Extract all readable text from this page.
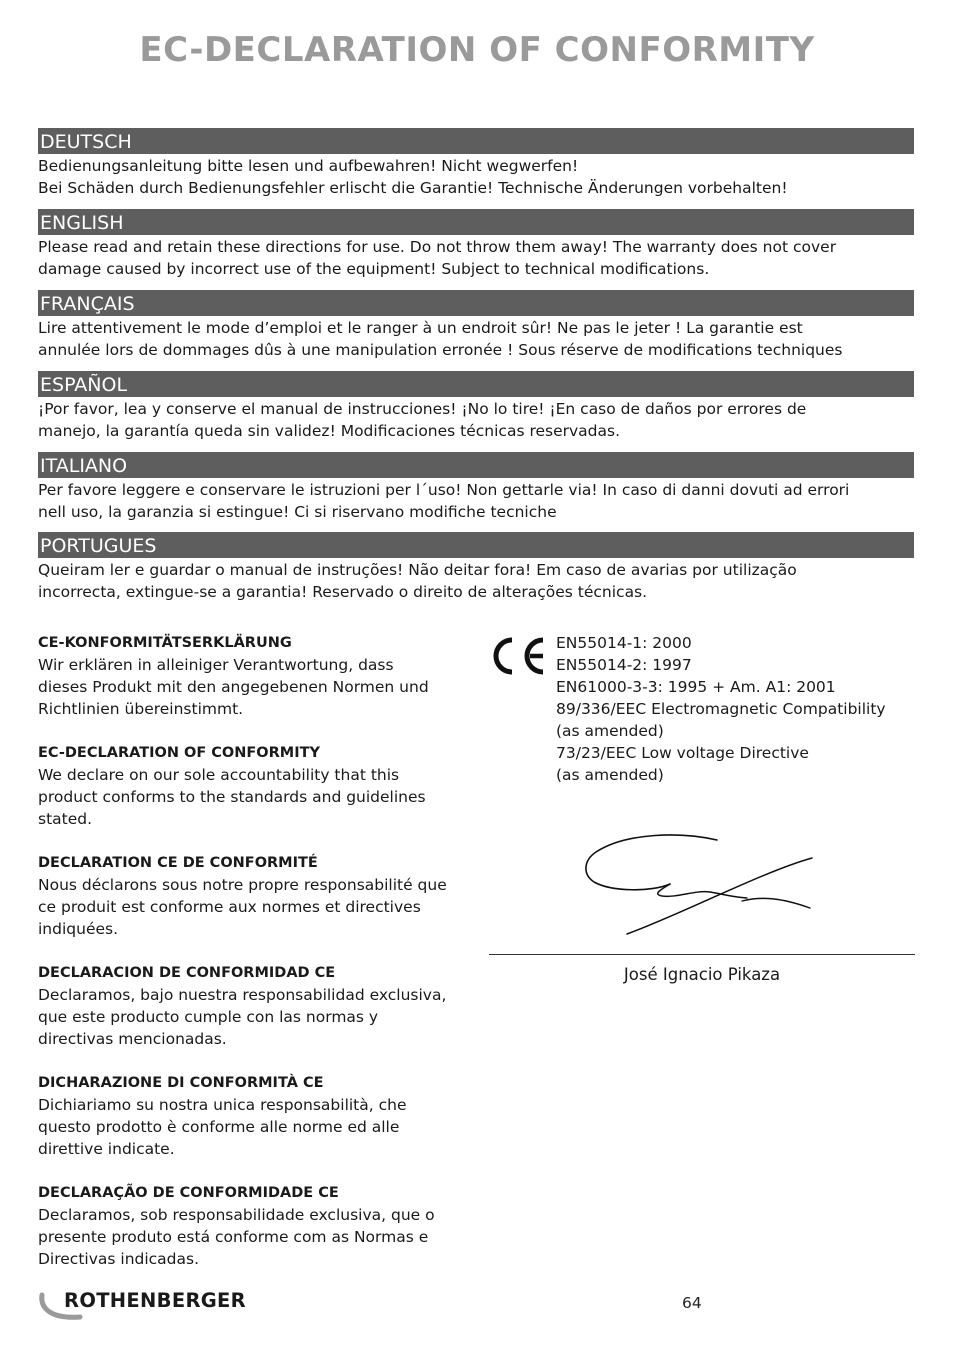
EC-DECLARATION OF CONFORMITY
DEUTSCH
Bedienungsanleitung bitte lesen und aufbewahren! Nicht wegwerfen!
Bei Schäden durch Bedienungsfehler erlischt die Garantie! Technische Änderungen vorbehalten!
ENGLISH
Please read and retain these directions for use. Do not throw them away! The warranty does not cover
damage caused by incorrect use of the equipment! Subject to technical modifications.
FRANÇAIS
Lire attentivement le mode d’emploi et le ranger à un endroit sûr! Ne pas le jeter ! La garantie est
annulée lors de dommages dûs à une manipulation erronée ! Sous réserve de modifications techniques
ESPAÑOL
¡Por favor, lea y conserve el manual de instrucciones! ¡No lo tire! ¡En caso de daños por errores de
manejo, la garantía queda sin validez! Modificaciones técnicas reservadas.
ITALIANO
Per favore leggere e conservare le istruzioni per l´uso! Non gettarle via! In caso di danni dovuti ad errori
nell uso, la garanzia si estingue! Ci si riservano modifiche tecniche
PORTUGUES
Queiram ler e guardar o manual de instruções! Não deitar fora! Em caso de avarias por utilização
incorrecta, extingue-se a garantia! Reservado o direito de alterações técnicas.
CE-KONFORMITÄTSERKLÄRUNG
Wir erklären in alleiniger Verantwortung, dass
dieses Produkt mit den angegebenen Normen und
Richtlinien übereinstimmt.
EC-DECLARATION OF CONFORMITY
We declare on our sole accountability that this
product conforms to the standards and guidelines
stated.
DECLARATION CE DE CONFORMITÉ
Nous déclarons sous notre propre responsabilité que
ce produit est conforme aux normes et directives
indiquées.
DECLARACION DE CONFORMIDAD CE
Declaramos, bajo nuestra responsabilidad exclusiva,
que este producto cumple con las normas y
directivas mencionadas.
DICHARAZIONE DI CONFORMITÀ CE
Dichiariamo su nostra unica responsabilità, che
questo prodotto è conforme alle norme ed alle
direttive indicate.
DECLARAÇÃO DE CONFORMIDADE CE
Declaramos, sob responsabilidade exclusiva, que o
presente produto está conforme com as Normas e
Directivas indicadas.
EN55014-1: 2000
EN55014-2: 1997
EN61000-3-3: 1995 + Am. A1: 2001
89/336/EEC Electromagnetic Compatibility
(as amended)
73/23/EEC Low voltage Directive
(as amended)
José Ignacio Pikaza
ROTHENBERGER	64
